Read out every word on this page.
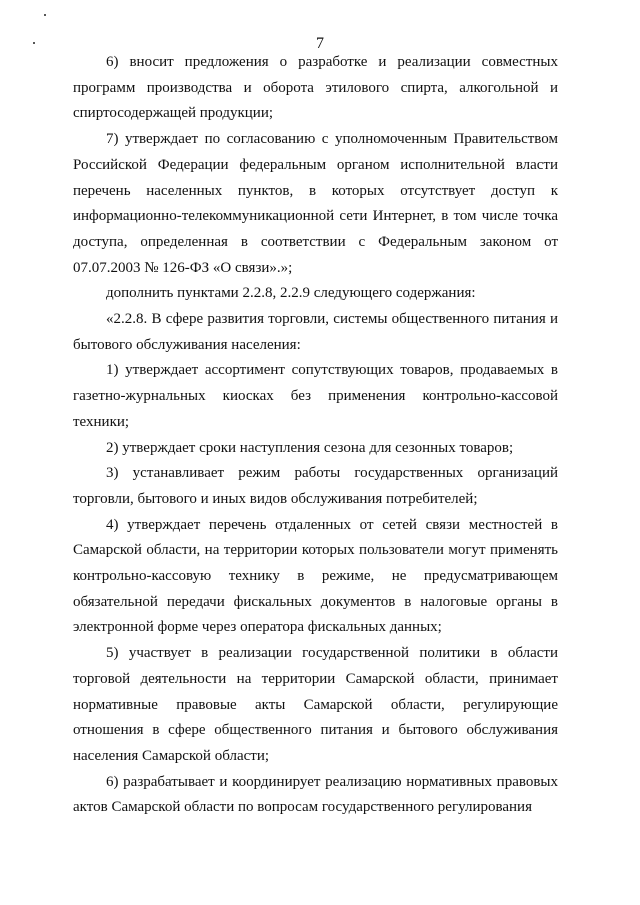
7

6) вносит предложения о разработке и реализации совместных программ производства и оборота этилового спирта, алкогольной и спиртосодержащей продукции;

7) утверждает по согласованию с уполномоченным Правительством Российской Федерации федеральным органом исполнительной власти перечень населенных пунктов, в которых отсутствует доступ к информационно-телекоммуникационной сети Интернет, в том числе точка доступа, определенная в соответствии с Федеральным законом от 07.07.2003 № 126-ФЗ «О связи».»;

дополнить пунктами 2.2.8, 2.2.9 следующего содержания:

«2.2.8. В сфере развития торговли, системы общественного питания и бытового обслуживания населения:

1) утверждает ассортимент сопутствующих товаров, продаваемых в газетно-журнальных киосках без применения контрольно-кассовой техники;

2) утверждает сроки наступления сезона для сезонных товаров;

3) устанавливает режим работы государственных организаций торговли, бытового и иных видов обслуживания потребителей;

4) утверждает перечень отдаленных от сетей связи местностей в Самарской области, на территории которых пользователи могут применять контрольно-кассовую технику в режиме, не предусматривающем обязательной передачи фискальных документов в налоговые органы в электронной форме через оператора фискальных данных;

5) участвует в реализации государственной политики в области торговой деятельности на территории Самарской области, принимает нормативные правовые акты Самарской области, регулирующие отношения в сфере общественного питания и бытового обслуживания населения Самарской области;

6) разрабатывает и координирует реализацию нормативных правовых актов Самарской области по вопросам государственного регулирования
